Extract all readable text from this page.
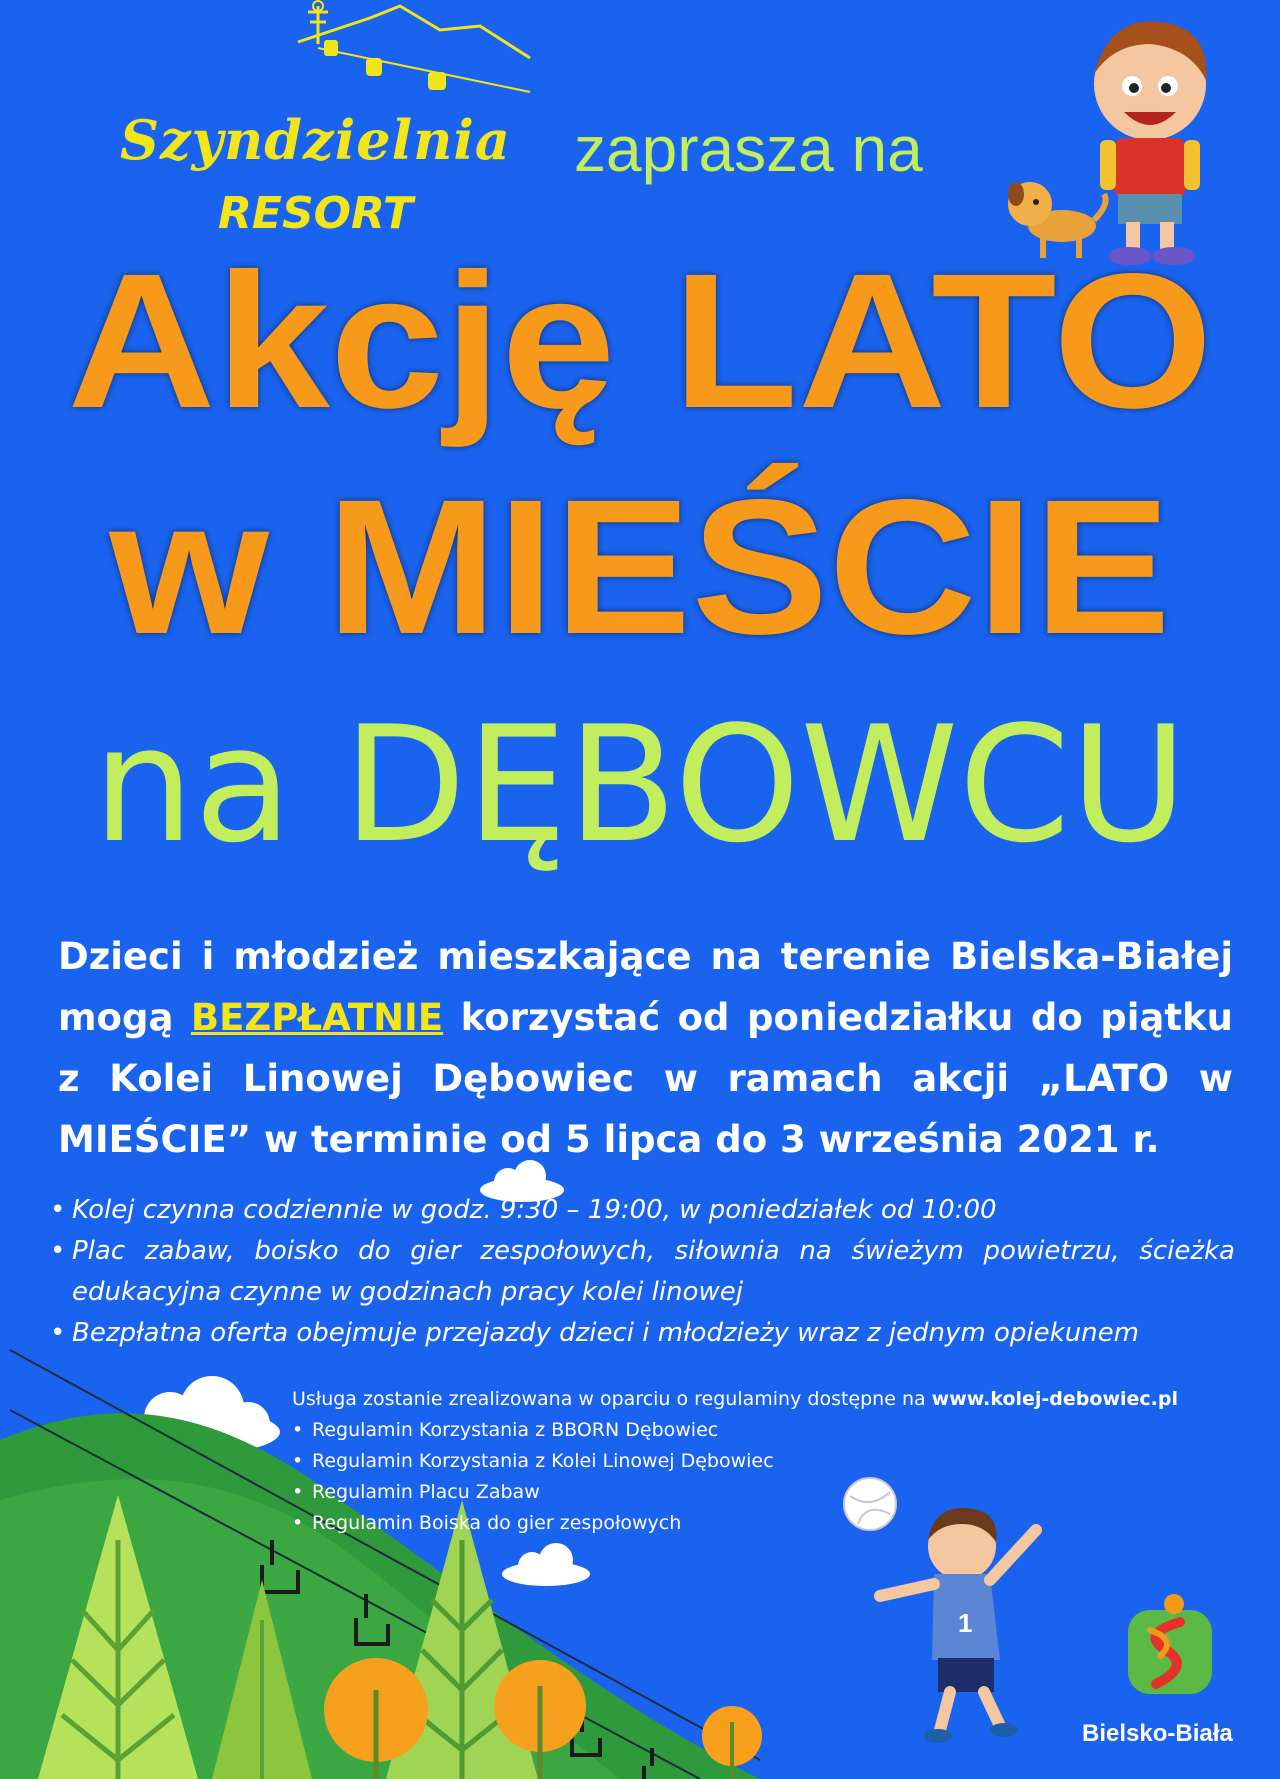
Szyndzielnia
RESORT
zaprasza na
Akcję LATO
w MIEŚCIE
na DĘBOWCU

Dzieci i młodzież mieszkające na terenie Bielska-Białej mogą BEZPŁATNIE korzystać od poniedziałku do piątku z Kolei Linowej Dębowiec w ramach akcji „LATO w MIEŚCIE” w terminie od 5 lipca do 3 września 2021 r.

• Kolej czynna codziennie w godz. 9:30 – 19:00, w poniedziałek od 10:00
• Plac zabaw, boisko do gier zespołowych, siłownia na świeżym powietrzu, ścieżka edukacyjna czynne w godzinach pracy kolei linowej
• Bezpłatna oferta obejmuje przejazdy dzieci i młodzieży wraz z jednym opiekunem
Usługa zostanie zrealizowana w oparciu o regulaminy dostępne na www.kolej-debowiec.pl
• Regulamin Korzystania z BBORN Dębowiec
• Regulamin Korzystania z Kolei Linowej Dębowiec
• Regulamin Placu Zabaw
• Regulamin Boiska do gier zespołowych
1
Bielsko-Biała
